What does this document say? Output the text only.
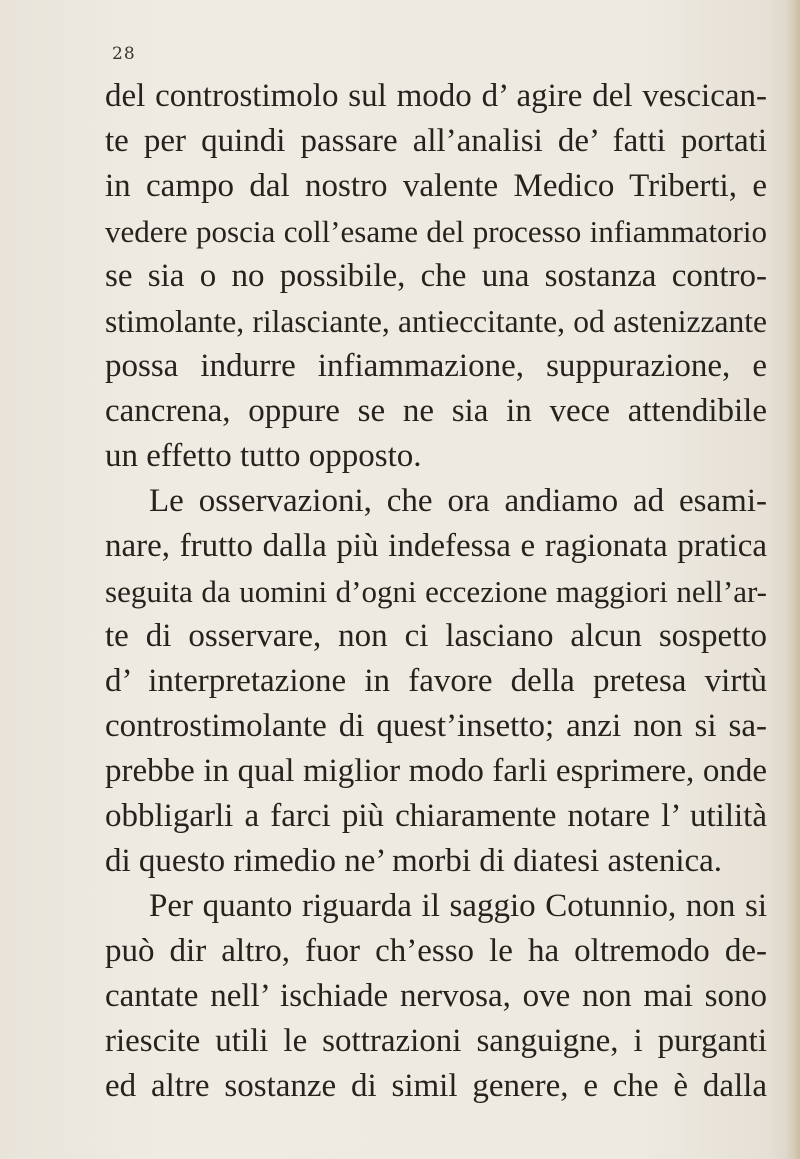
28
del controstimolo sul modo d’ agire del vescican-
te per quindi passare all’analisi de’ fatti portati
in campo dal nostro valente Medico Triberti, e
vedere poscia coll’esame del processo infiammatorio
se sia o no possibile, che una sostanza contro-
stimolante, rilasciante, antieccitante, od astenizzante
possa indurre infiammazione, suppurazione, e
cancrena, oppure se ne sia in vece attendibile
un effetto tutto opposto.
Le osservazioni, che ora andiamo ad esami-
nare, frutto dalla più indefessa e ragionata pratica
seguita da uomini d’ogni eccezione maggiori nell’ar-
te di osservare, non ci lasciano alcun sospetto
d’ interpretazione in favore della pretesa virtù
controstimolante di quest’insetto; anzi non si sa-
prebbe in qual miglior modo farli esprimere, onde
obbligarli a farci più chiaramente notare l’ utilità
di questo rimedio ne’ morbi di diatesi astenica.
Per quanto riguarda il saggio Cotunnio, non si
può dir altro, fuor ch’esso le ha oltremodo de-
cantate nell’ ischiade nervosa, ove non mai sono
riescite utili le sottrazioni sanguigne, i purganti
ed altre sostanze di simil genere, e che è dalla
